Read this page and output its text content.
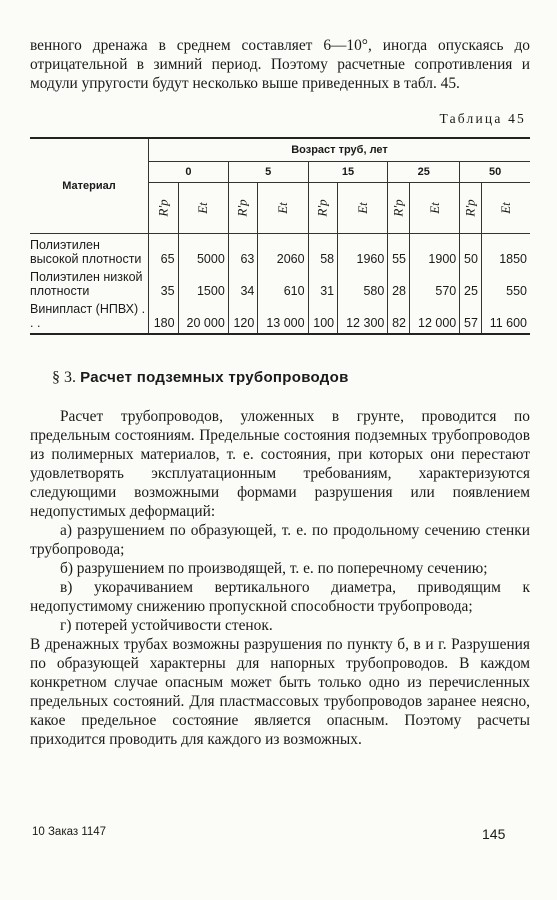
венного дренажа в среднем составляет 6—10°, иногда опускаясь до отрицательной в зимний период. Поэтому расчетные сопротивления и модули упругости будут несколько выше приведенных в табл. 45.

Таблица 45
Материал	Возраст труб, лет									
	0		5		15		25		50	
	R'p	Et	R'p	Et	R'p	Et	R'p	Et	R'p	Et
Полиэтилен высокой плотности	65	5000	63	2060	58	1960	55	1900	50	1850
Полиэтилен низкой плотности	35	1500	34	610	31	580	28	570	25	550
Винипласт (НПВХ) . . .	180	20 000	120	13 000	100	12 300	82	12 000	57	11 600
§ 3. Расчет подземных трубопроводов

Расчет трубопроводов, уложенных в грунте, проводится по предельным состояниям. Предельные состояния подземных трубопроводов из полимерных материалов, т. е. состояния, при которых они перестают удовлетворять эксплуатационным требованиям, характеризуются следующими возможными формами разрушения или появлением недопустимых деформаций:

а) разрушением по образующей, т. е. по продольному сечению стенки трубопровода;

б) разрушением по производящей, т. е. по поперечному сечению;

в) укорачиванием вертикального диаметра, приводящим к недопустимому снижению пропускной способности трубопровода;

г) потерей устойчивости стенок.

В дренажных трубах возможны разрушения по пункту б, в и г. Разрушения по образующей характерны для напорных трубопроводов. В каждом конкретном случае опасным может быть только одно из перечисленных предельных состояний. Для пластмассовых трубопроводов заранее неясно, какое предельное состояние является опасным. Поэтому расчеты приходится проводить для каждого из возможных.

10 Заказ 1147	145
